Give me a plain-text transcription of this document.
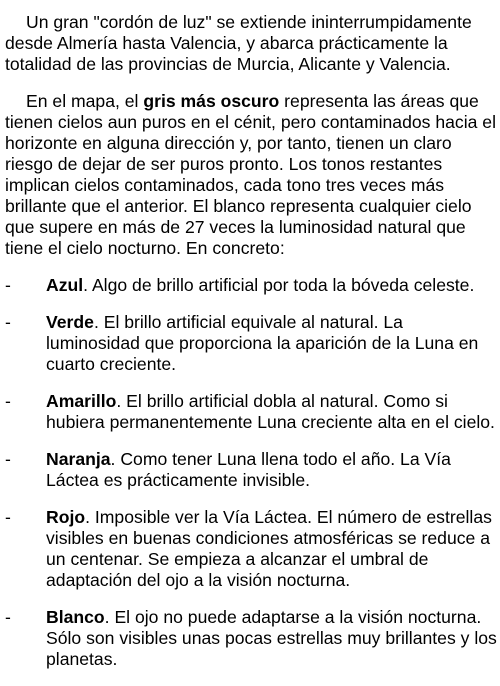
Un gran "cordón de luz" se extiende ininterrumpidamente desde Almería hasta Valencia, y abarca prácticamente la totalidad de las provincias de Murcia, Alicante y Valencia.

En el mapa, el gris más oscuro representa las áreas que tienen cielos aun puros en el cénit, pero contaminados hacia el horizonte en alguna dirección y, por tanto, tienen un claro riesgo de dejar de ser puros pronto. Los tonos restantes implican cielos contaminados, cada tono tres veces más brillante que el anterior. El blanco representa cualquier cielo que supere en más de 27 veces la luminosidad natural que tiene el cielo nocturno. En concreto:

- Azul. Algo de brillo artificial por toda la bóveda celeste.
- Verde. El brillo artificial equivale al natural. La luminosidad que proporciona la aparición de la Luna en cuarto creciente.
- Amarillo. El brillo artificial dobla al natural. Como si hubiera permanentemente Luna creciente alta en el cielo.
- Naranja. Como tener Luna llena todo el año. La Vía Láctea es prácticamente invisible.
- Rojo. Imposible ver la Vía Láctea. El número de estrellas visibles en buenas condiciones atmosféricas se reduce a un centenar. Se empieza a alcanzar el umbral de adaptación del ojo a la visión nocturna.
- Blanco. El ojo no puede adaptarse a la visión nocturna. Sólo son visibles unas pocas estrellas muy brillantes y los planetas.
